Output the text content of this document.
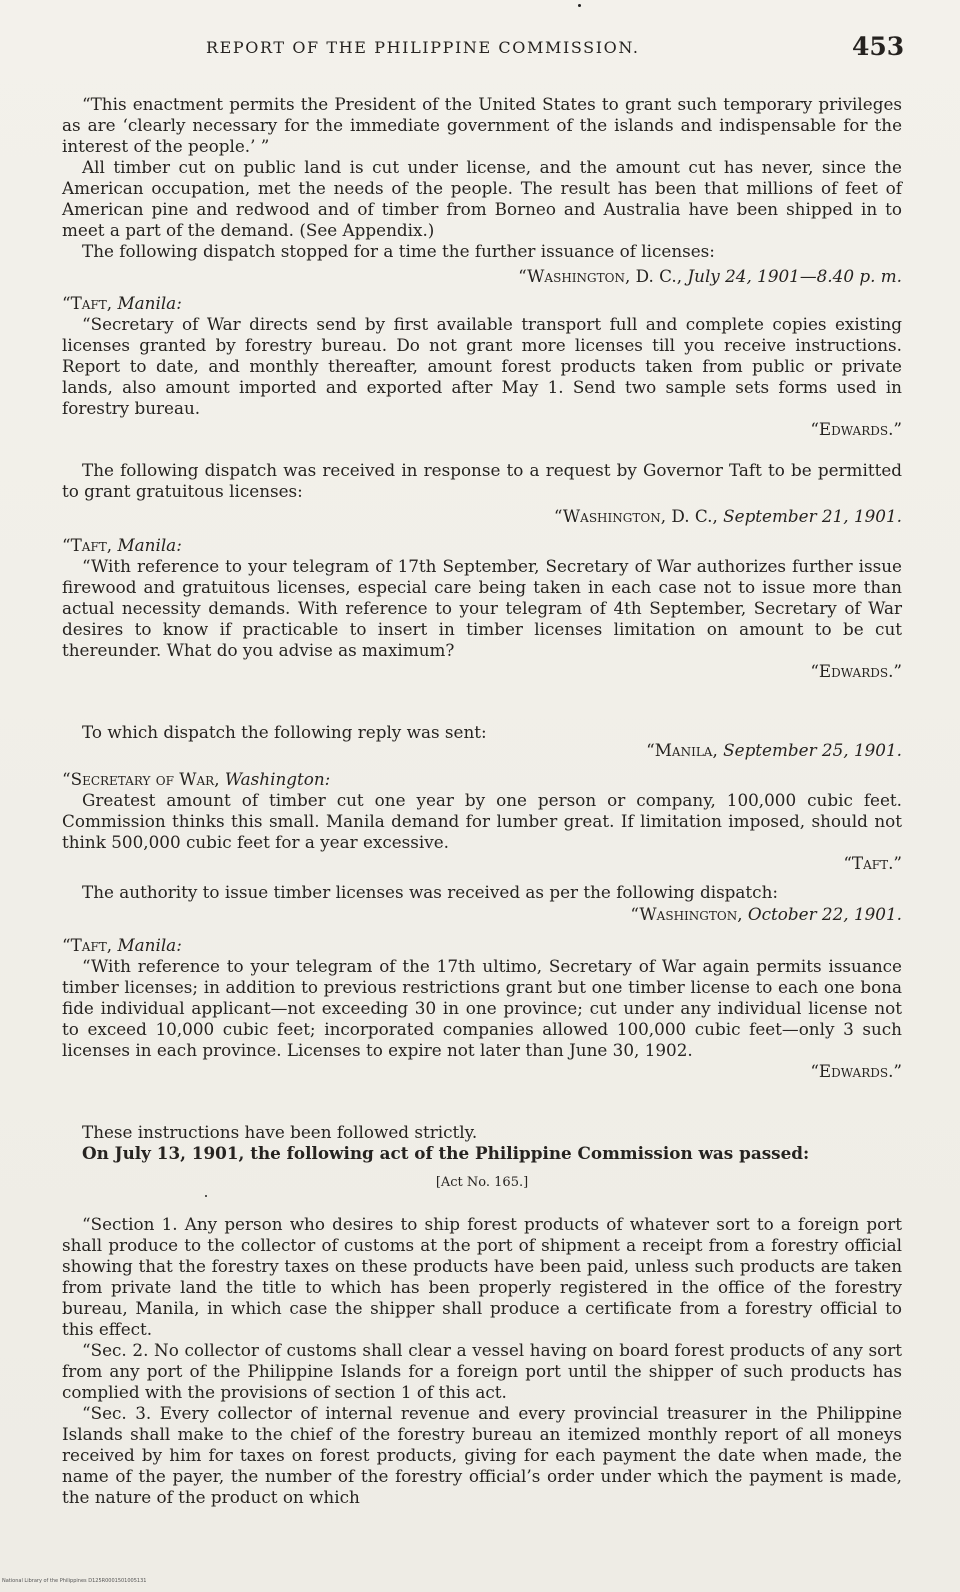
REPORT OF THE PHILIPPINE COMMISSION.	453

“This enactment permits the President of the United States to grant such temporary privileges as are ‘clearly necessary for the immediate government of the islands and indispensable for the interest of the people.’ ”

All timber cut on public land is cut under license, and the amount cut has never, since the American occupation, met the needs of the people. The result has been that millions of feet of American pine and redwood and of timber from Borneo and Australia have been shipped in to meet a part of the demand. (See Appendix.)

The following dispatch stopped for a time the further issuance of licenses:

“Washington, D. C., July 24, 1901—8.40 p. m.

“Taft, Manila:

“Secretary of War directs send by first available transport full and complete copies existing licenses granted by forestry bureau. Do not grant more licenses till you receive instructions. Report to date, and monthly thereafter, amount forest products taken from public or private lands, also amount imported and exported after May 1. Send two sample sets forms used in forestry bureau.

“Edwards.”

The following dispatch was received in response to a request by Governor Taft to be permitted to grant gratuitous licenses:

“Washington, D. C., September 21, 1901.

“Taft, Manila:

“With reference to your telegram of 17th September, Secretary of War authorizes further issue firewood and gratuitous licenses, especial care being taken in each case not to issue more than actual necessity demands. With reference to your telegram of 4th September, Secretary of War desires to know if practicable to insert in timber licenses limitation on amount to be cut thereunder. What do you advise as maximum?

“Edwards.”

To which dispatch the following reply was sent:

“Manila, September 25, 1901.

“Secretary of War, Washington:

Greatest amount of timber cut one year by one person or company, 100,000 cubic feet. Commission thinks this small. Manila demand for lumber great. If limitation imposed, should not think 500,000 cubic feet for a year excessive.

“Taft.”

The authority to issue timber licenses was received as per the following dispatch:

“Washington, October 22, 1901.

“Taft, Manila:

“With reference to your telegram of the 17th ultimo, Secretary of War again permits issuance timber licenses; in addition to previous restrictions grant but one timber license to each one bona fide individual applicant—not exceeding 30 in one province; cut under any individual license not to exceed 10,000 cubic feet; incorporated companies allowed 100,000 cubic feet—only 3 such licenses in each province. Licenses to expire not later than June 30, 1902.

“Edwards.”

These instructions have been followed strictly.

On July 13, 1901, the following act of the Philippine Commission was passed:

[Act No. 165.]

“Section 1. Any person who desires to ship forest products of whatever sort to a foreign port shall produce to the collector of customs at the port of shipment a receipt from a forestry official showing that the forestry taxes on these products have been paid, unless such products are taken from private land the title to which has been properly registered in the office of the forestry bureau, Manila, in which case the shipper shall produce a certificate from a forestry official to this effect.

“Sec. 2. No collector of customs shall clear a vessel having on board forest products of any sort from any port of the Philippine Islands for a foreign port until the shipper of such products has complied with the provisions of section 1 of this act.

“Sec. 3. Every collector of internal revenue and every provincial treasurer in the Philippine Islands shall make to the chief of the forestry bureau an itemized monthly report of all moneys received by him for taxes on forest products, giving for each payment the date when made, the name of the payer, the number of the forestry official’s order under which the payment is made, the nature of the product on which

National Library of the Philippines D125R0001501005131
